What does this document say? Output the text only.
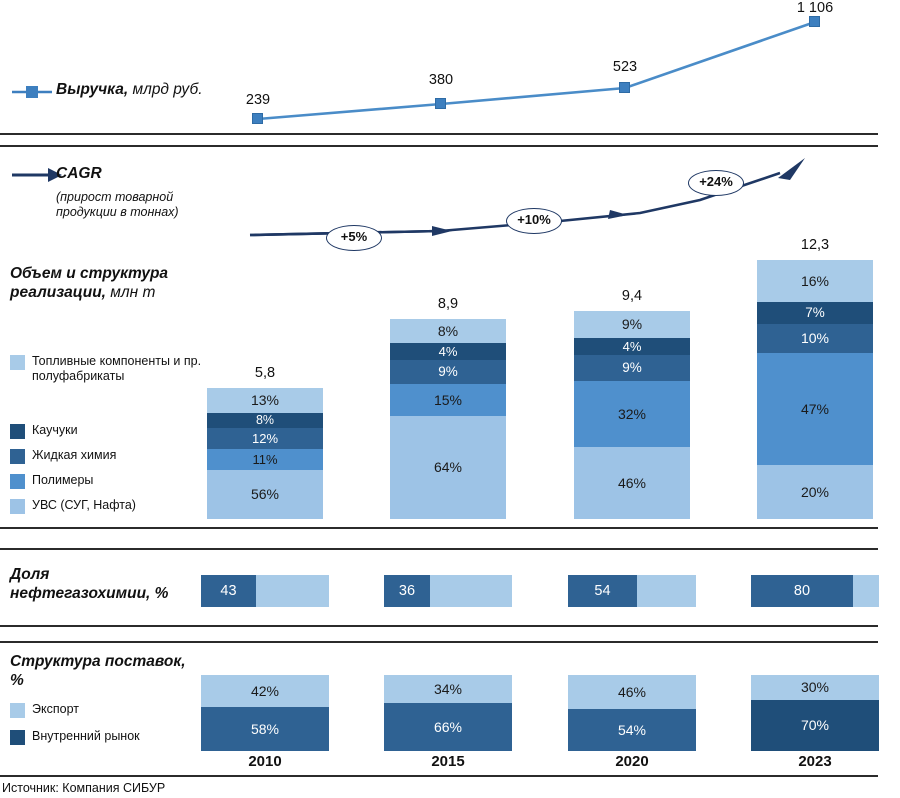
Выручка, млрд руб.
239
380
523
1 106
CAGR
(прирост товарной продукции в тоннах)
+5%
+10%
+24%
Объем и структура реализации, млн т
Топливные компоненты и пр. полуфабрикаты
Каучуки
Жидкая химия
Полимеры
УВС (СУГ, Нафта)
5,8
13%
8%
12%
11%
56%
8,9
8%
4%
9%
15%
64%
9,4
9%
4%
9%
32%
46%
12,3
16%
7%
10%
47%
20%
Доля нефтегазохимии, %	43	36	54	80
Структура поставок, %
Экспорт
Внутренний рынок
42%
58%
34%
66%
46%
54%
30%
70%
2010	2015	2020	2023
Источник: Компания СИБУР
